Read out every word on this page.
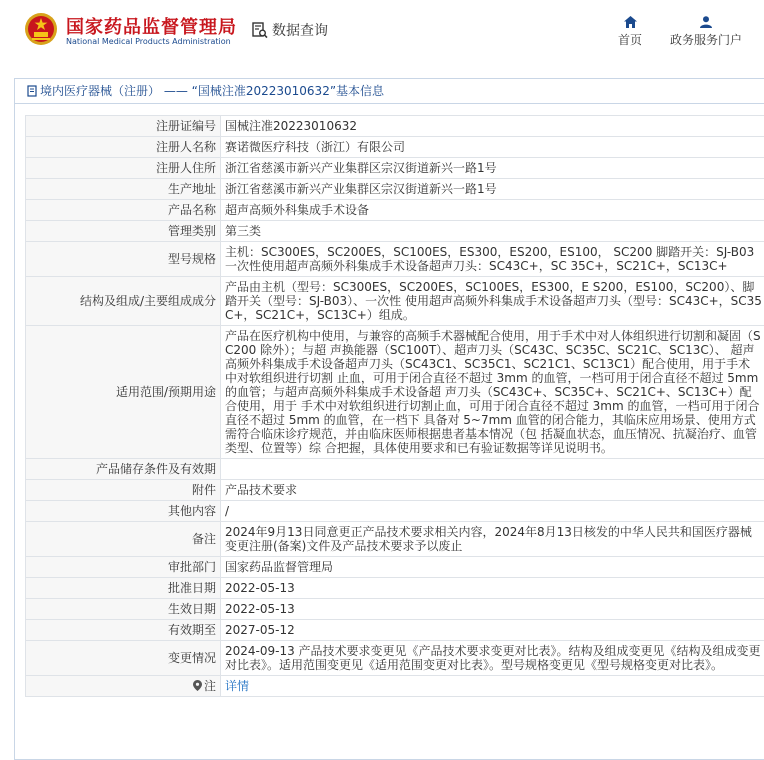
国家药品监督管理局
National Medical Products Administration
数据查询
首页	政务服务门户
境内医疗器械（注册） —— “国械注准20223010632”基本信息
注册证编号	国械注准20223010632
注册人名称	赛诺微医疗科技（浙江）有限公司
注册人住所	浙江省慈溪市新兴产业集群区宗汉街道新兴一路1号
生产地址	浙江省慈溪市新兴产业集群区宗汉街道新兴一路1号
产品名称	超声高频外科集成手术设备
管理类别	第三类
型号规格	主机：SC300ES，SC200ES，SC100ES，ES300，ES200，ES100， SC200 脚踏开关：SJ-B03 一次性使用超声高频外科集成手术设备超声刀头：SC43C+，SC 35C+，SC21C+，SC13C+
结构及组成/主要组成成分	产品由主机（型号：SC300ES，SC200ES，SC100ES，ES300，E S200，ES100，SC200）、脚踏开关（型号：SJ-B03）、一次性 使用超声高频外科集成手术设备超声刀头（型号：SC43C+，SC35C+，SC21C+，SC13C+）组成。
适用范围/预期用途	产品在医疗机构中使用，与兼容的高频手术器械配合使用，用于手术中对人体组织进行切割和凝固（SC200 除外）；与超 声换能器（SC100T）、超声刀头（SC43C、SC35C、SC21C、SC13C）、 超声高频外科集成手术设备超声刀头（SC43C1、SC35C1、SC21C1、SC13C1）配合使用，用于手术中对软组织进行切割 止血，可用于闭合直径不超过 3mm 的血管，一档可用于闭合直径不超过 5mm 的血管；与超声高频外科集成手术设备超 声刀头（SC43C+、SC35C+、SC21C+、SC13C+）配合使用，用于 手术中对软组织进行切割止血，可用于闭合直径不超过 3mm 的血管，一档可用于闭合直径不超过 5mm 的血管，在一档下 具备对 5~7mm 血管的闭合能力，其临床应用场景、使用方式 需符合临床诊疗规范，并由临床医师根据患者基本情况（包 括凝血状态，血压情况、抗凝治疗、血管类型、位置等）综 合把握，具体使用要求和已有验证数据等详见说明书。
产品储存条件及有效期	
附件	产品技术要求
其他内容	/
备注	2024年9月13日同意更正产品技术要求相关内容，2024年8月13日核发的中华人民共和国医疗器械变更注册(备案)文件及产品技术要求予以废止
审批部门	国家药品监督管理局
批准日期	2022-05-13
生效日期	2022-05-13
有效期至	2027-05-12
变更情况	2024-09-13 产品技术要求变更见《产品技术要求变更对比表》。结构及组成变更见《结构及组成变更对比表》。适用范围变更见《适用范围变更对比表》。型号规格变更见《型号规格变更对比表》。
注	详情
